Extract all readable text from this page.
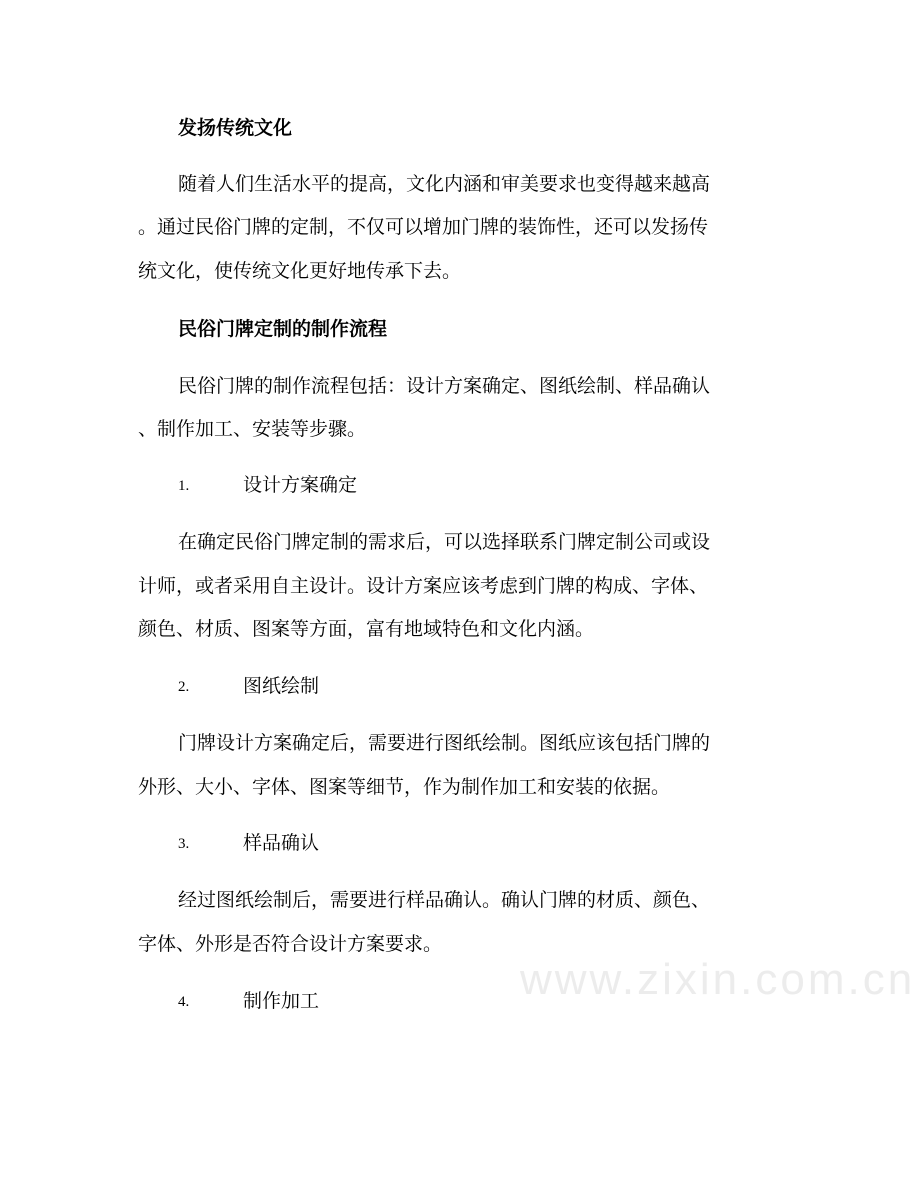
发扬传统文化
随着人们生活水平的提高，文化内涵和审美要求也变得越来越高
。通过民俗门牌的定制，不仅可以增加门牌的装饰性，还可以发扬传
统文化，使传统文化更好地传承下去。
民俗门牌定制的制作流程
民俗门牌的制作流程包括：设计方案确定、图纸绘制、样品确认
、制作加工、安装等步骤。
1.	设计方案确定
在确定民俗门牌定制的需求后，可以选择联系门牌定制公司或设
计师，或者采用自主设计。设计方案应该考虑到门牌的构成、字体、
颜色、材质、图案等方面，富有地域特色和文化内涵。
2.	图纸绘制
门牌设计方案确定后，需要进行图纸绘制。图纸应该包括门牌的
外形、大小、字体、图案等细节，作为制作加工和安装的依据。
3.	样品确认
经过图纸绘制后，需要进行样品确认。确认门牌的材质、颜色、
字体、外形是否符合设计方案要求。
4.	制作加工	www.zixin.com.cn
